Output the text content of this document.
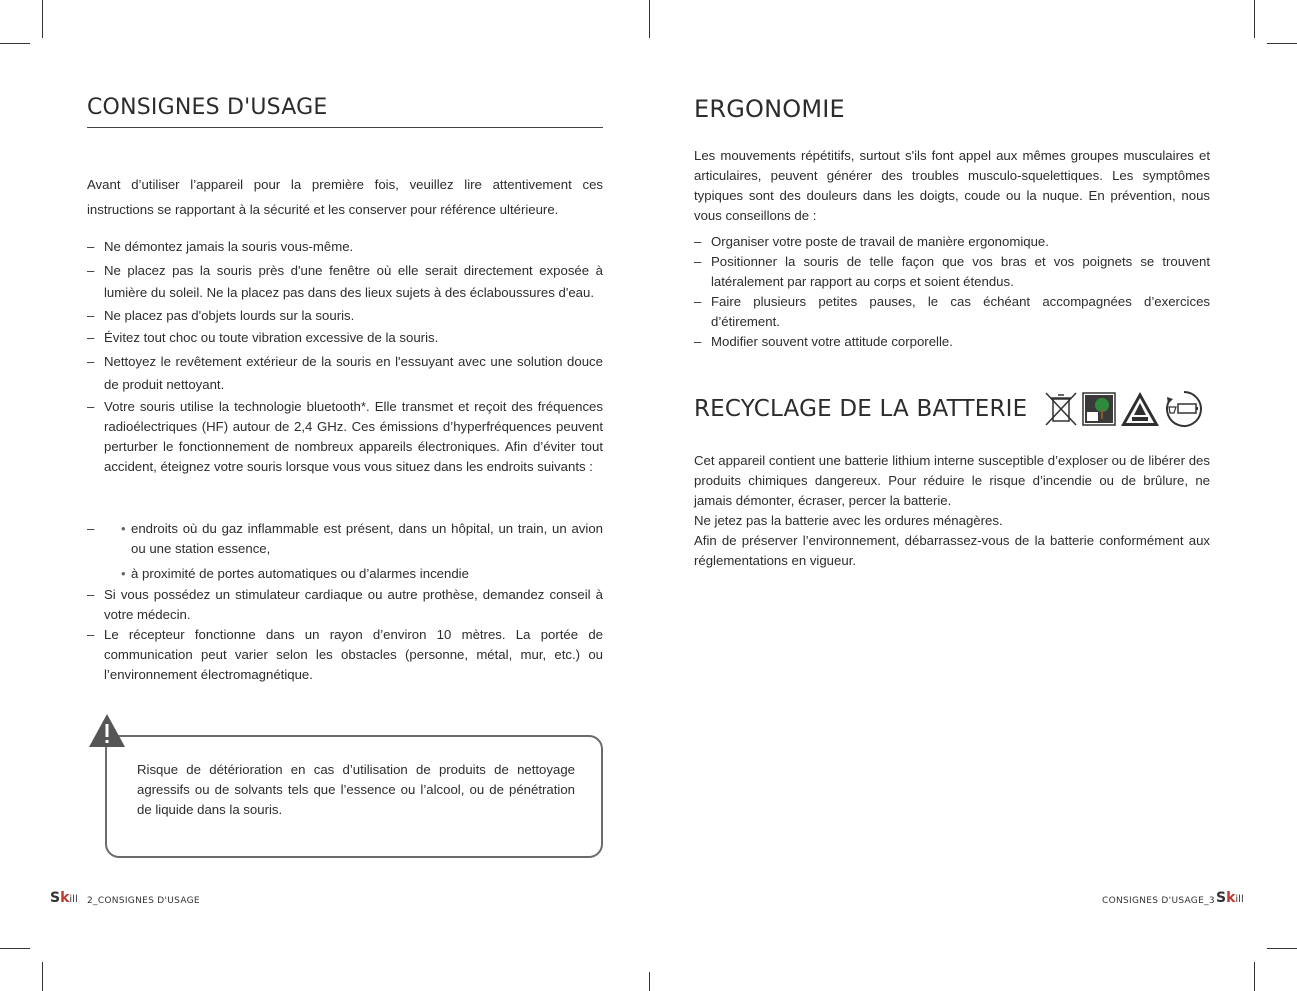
CONSIGNES D'USAGE
Avant d’utiliser l’appareil pour la première fois, veuillez lire attentivement ces
instructions se rapportant à la sécurité et les conserver pour référence ultérieure.
– Ne démontez jamais la souris vous-même.
– Ne placez pas la souris près d'une fenêtre où elle serait directement exposée à lumière du soleil. Ne la placez pas dans des lieux sujets à des éclaboussures d'eau.
– Ne placez pas d'objets lourds sur la souris.
– Évitez tout choc ou toute vibration excessive de la souris.
– Nettoyez le revêtement extérieur de la souris en l'essuyant avec une solution douce de produit nettoyant.
– Votre souris utilise la technologie bluetooth*. Elle transmet et reçoit des fréquences radioélectriques (HF) autour de 2,4 GHz. Ces émissions d’hyperfréquences peuvent perturber le fonctionnement de nombreux appareils électroniques. Afin d’éviter tout accident, éteignez votre souris lorsque vous vous situez dans les endroits suivants :
• – endroits où du gaz inflammable est présent, dans un hôpital, un train, un avion ou une station essence,
• à proximité de portes automatiques ou d’alarmes incendie
– Si vous possédez un stimulateur cardiaque ou autre prothèse, demandez conseil à votre médecin.
– Le récepteur fonctionne dans un rayon d’environ 10 mètres. La portée de communication peut varier selon les obstacles (personne, métal, mur, etc.) ou l’environnement électromagnétique.
Risque de détérioration en cas d’utilisation de produits de nettoyage agressifs ou de solvants tels que l’essence ou l’alcool, ou de pénétration de liquide dans la souris.
Skill 2_CONSIGNES D'USAGE
ERGONOMIE
Les mouvements répétitifs, surtout s'ils font appel aux mêmes groupes musculaires et articulaires, peuvent générer des troubles musculo-squelettiques. Les symptômes typiques sont des douleurs dans les doigts, coude ou la nuque. En prévention, nous vous conseillons de :
– Organiser votre poste de travail de manière ergonomique.
– Positionner la souris de telle façon que vos bras et vos poignets se trouvent latéralement par rapport au corps et soient étendus.
– Faire plusieurs petites pauses, le cas échéant accompagnées d’exercices d’étirement.
– Modifier souvent votre attitude corporelle.
RECYCLAGE DE LA BATTERIE
Cet appareil contient une batterie lithium interne susceptible d’exploser ou de libérer des produits chimiques dangereux. Pour réduire le risque d’incendie ou de brûlure, ne jamais démonter, écraser, percer la batterie.
Ne jetez pas la batterie avec les ordures ménagères.
Afin de préserver l’environnement, débarrassez-vous de la batterie conformément aux réglementations en vigueur.
CONSIGNES D'USAGE_3 Skill
